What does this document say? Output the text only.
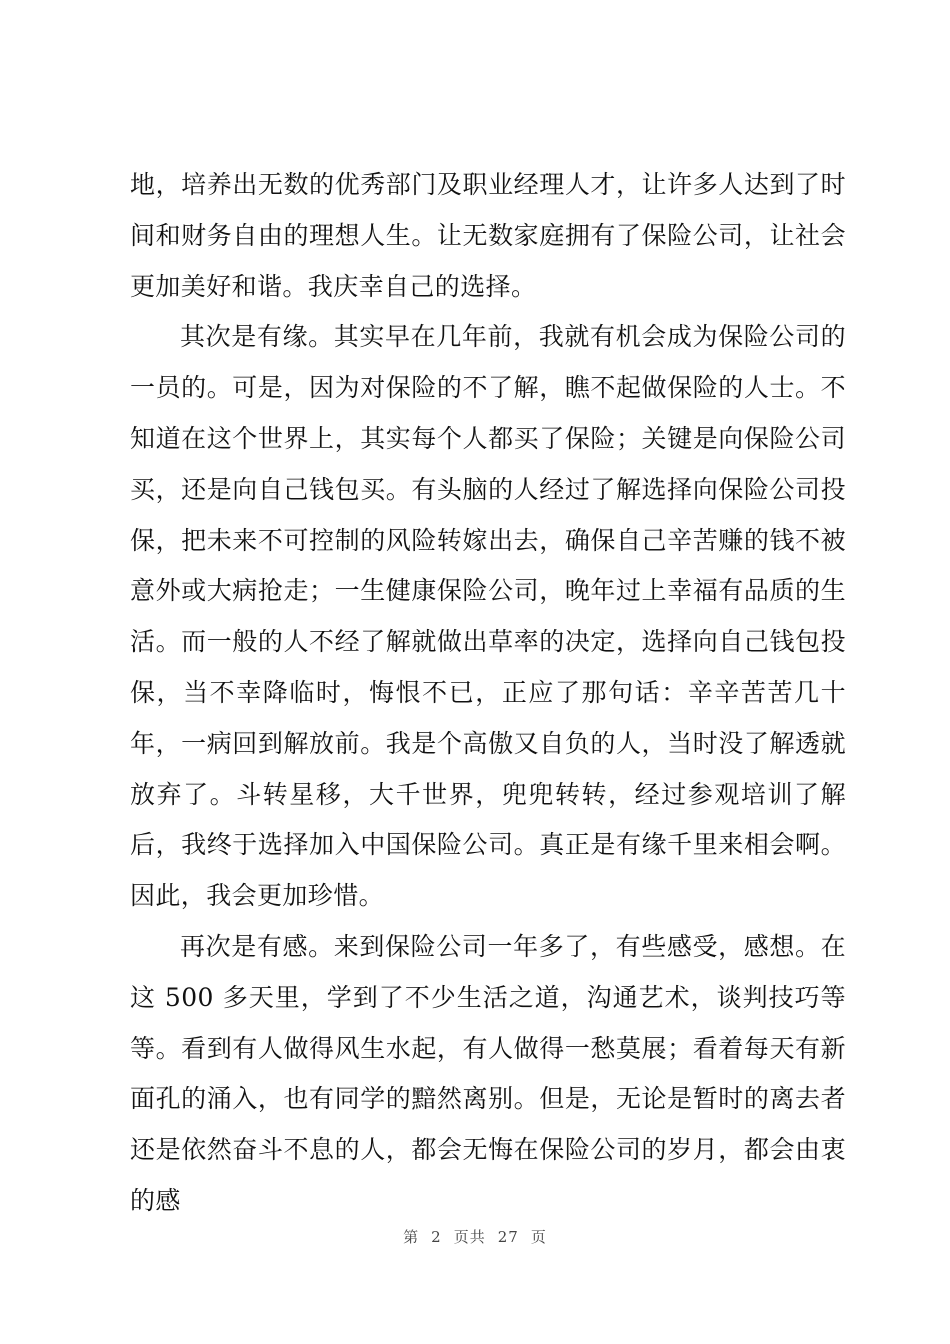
地，培养出无数的优秀部门及职业经理人才，让许多人达到了时间和财务自由的理想人生。让无数家庭拥有了保险公司，让社会更加美好和谐。我庆幸自己的选择。

其次是有缘。其实早在几年前，我就有机会成为保险公司的一员的。可是，因为对保险的不了解，瞧不起做保险的人士。不知道在这个世界上，其实每个人都买了保险；关键是向保险公司买，还是向自己钱包买。有头脑的人经过了解选择向保险公司投保，把未来不可控制的风险转嫁出去，确保自己辛苦赚的钱不被意外或大病抢走；一生健康保险公司，晚年过上幸福有品质的生活。而一般的人不经了解就做出草率的决定，选择向自己钱包投保，当不幸降临时，悔恨不已，正应了那句话：辛辛苦苦几十年，一病回到解放前。我是个高傲又自负的人，当时没了解透就放弃了。斗转星移，大千世界，兜兜转转，经过参观培训了解后，我终于选择加入中国保险公司。真正是有缘千里来相会啊。因此，我会更加珍惜。

再次是有感。来到保险公司一年多了，有些感受，感想。在这 500 多天里，学到了不少生活之道，沟通艺术，谈判技巧等等。看到有人做得风生水起，有人做得一愁莫展；看着每天有新面孔的涌入，也有同学的黯然离别。但是，无论是暂时的离去者还是依然奋斗不息的人，都会无悔在保险公司的岁月，都会由衷的感

第 2 页共 27 页
